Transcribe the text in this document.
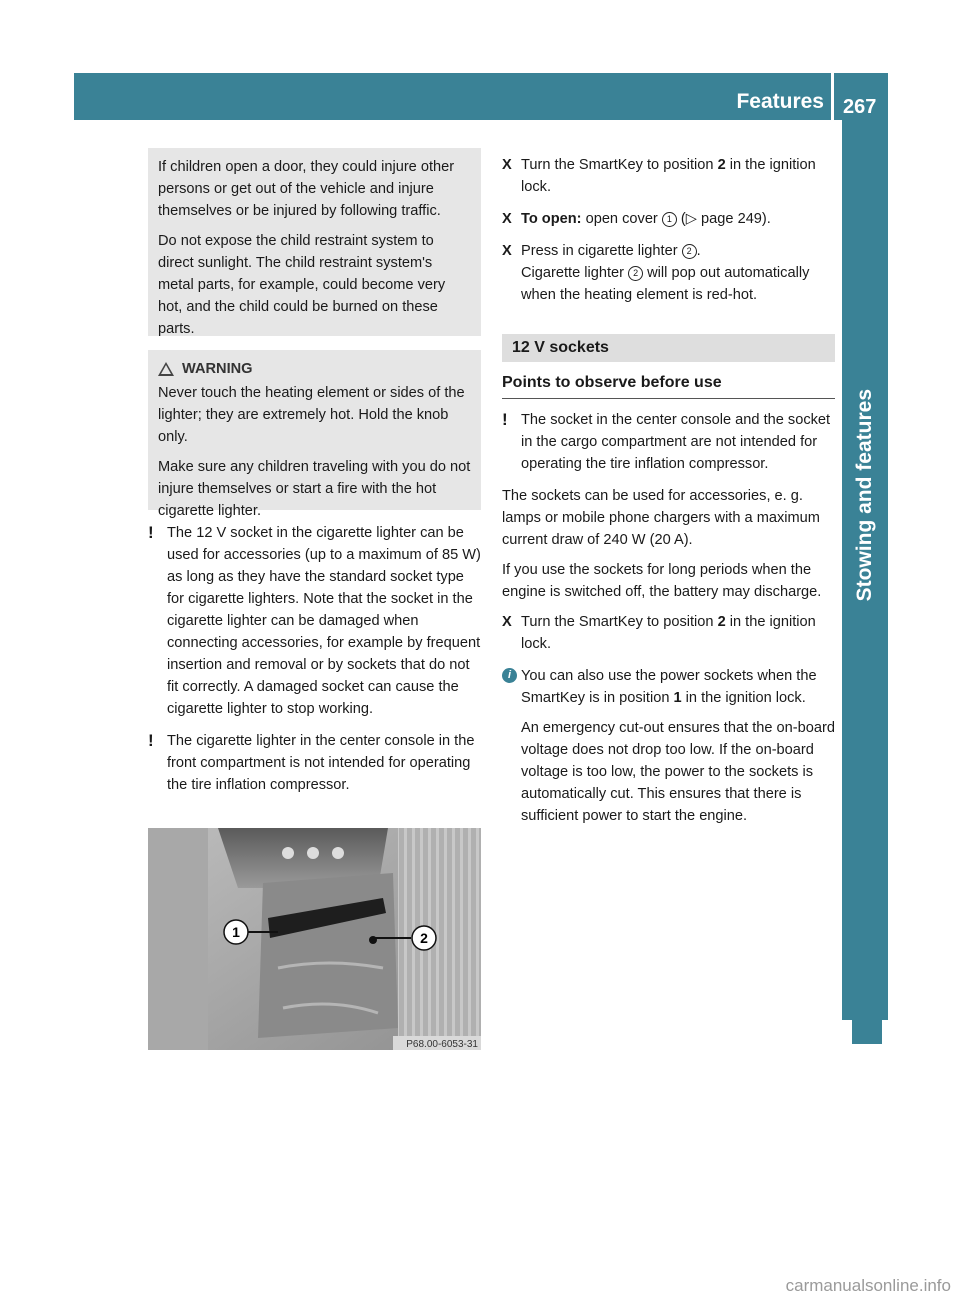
Features 267
Stowing and features

If children open a door, they could injure other persons or get out of the vehicle and injure themselves or be injured by following traffic.

Do not expose the child restraint system to direct sunlight. The child restraint system's metal parts, for example, could become very hot, and the child could be burned on these parts.

WARNING

Never touch the heating element or sides of the lighter; they are extremely hot. Hold the knob only.

Make sure any children traveling with you do not injure themselves or start a fire with the hot cigarette lighter.

! The 12 V socket in the cigarette lighter can be used for accessories (up to a maximum of 85 W) as long as they have the standard socket type for cigarette lighters. Note that the socket in the cigarette lighter can be damaged when connecting accessories, for example by frequent insertion and removal or by sockets that do not fit correctly. A damaged socket can cause the cigarette lighter to stop working.
! The cigarette lighter in the center console in the front compartment is not intended for operating the tire inflation compressor.
1	2
P68.00-6053-31
X Turn the SmartKey to position 2 in the ignition lock.
X To open: open cover 1 (▷ page 249).
X Press in cigarette lighter 2 .
Cigarette lighter 2 will pop out automatically when the heating element is red-hot.
12 V sockets
Points to observe before use
! The socket in the center console and the socket in the cargo compartment are not intended for operating the tire inflation compressor.

The sockets can be used for accessories, e. g. lamps or mobile phone chargers with a maximum current draw of 240 W (20 A).

If you use the sockets for long periods when the engine is switched off, the battery may discharge.

X Turn the SmartKey to position 2 in the ignition lock.
i You can also use the power sockets when the SmartKey is in position 1 in the ignition lock.

An emergency cut-out ensures that the on-board voltage does not drop too low. If the on-board voltage is too low, the power to the sockets is automatically cut. This ensures that there is sufficient power to start the engine.

carmanualsonline.info
